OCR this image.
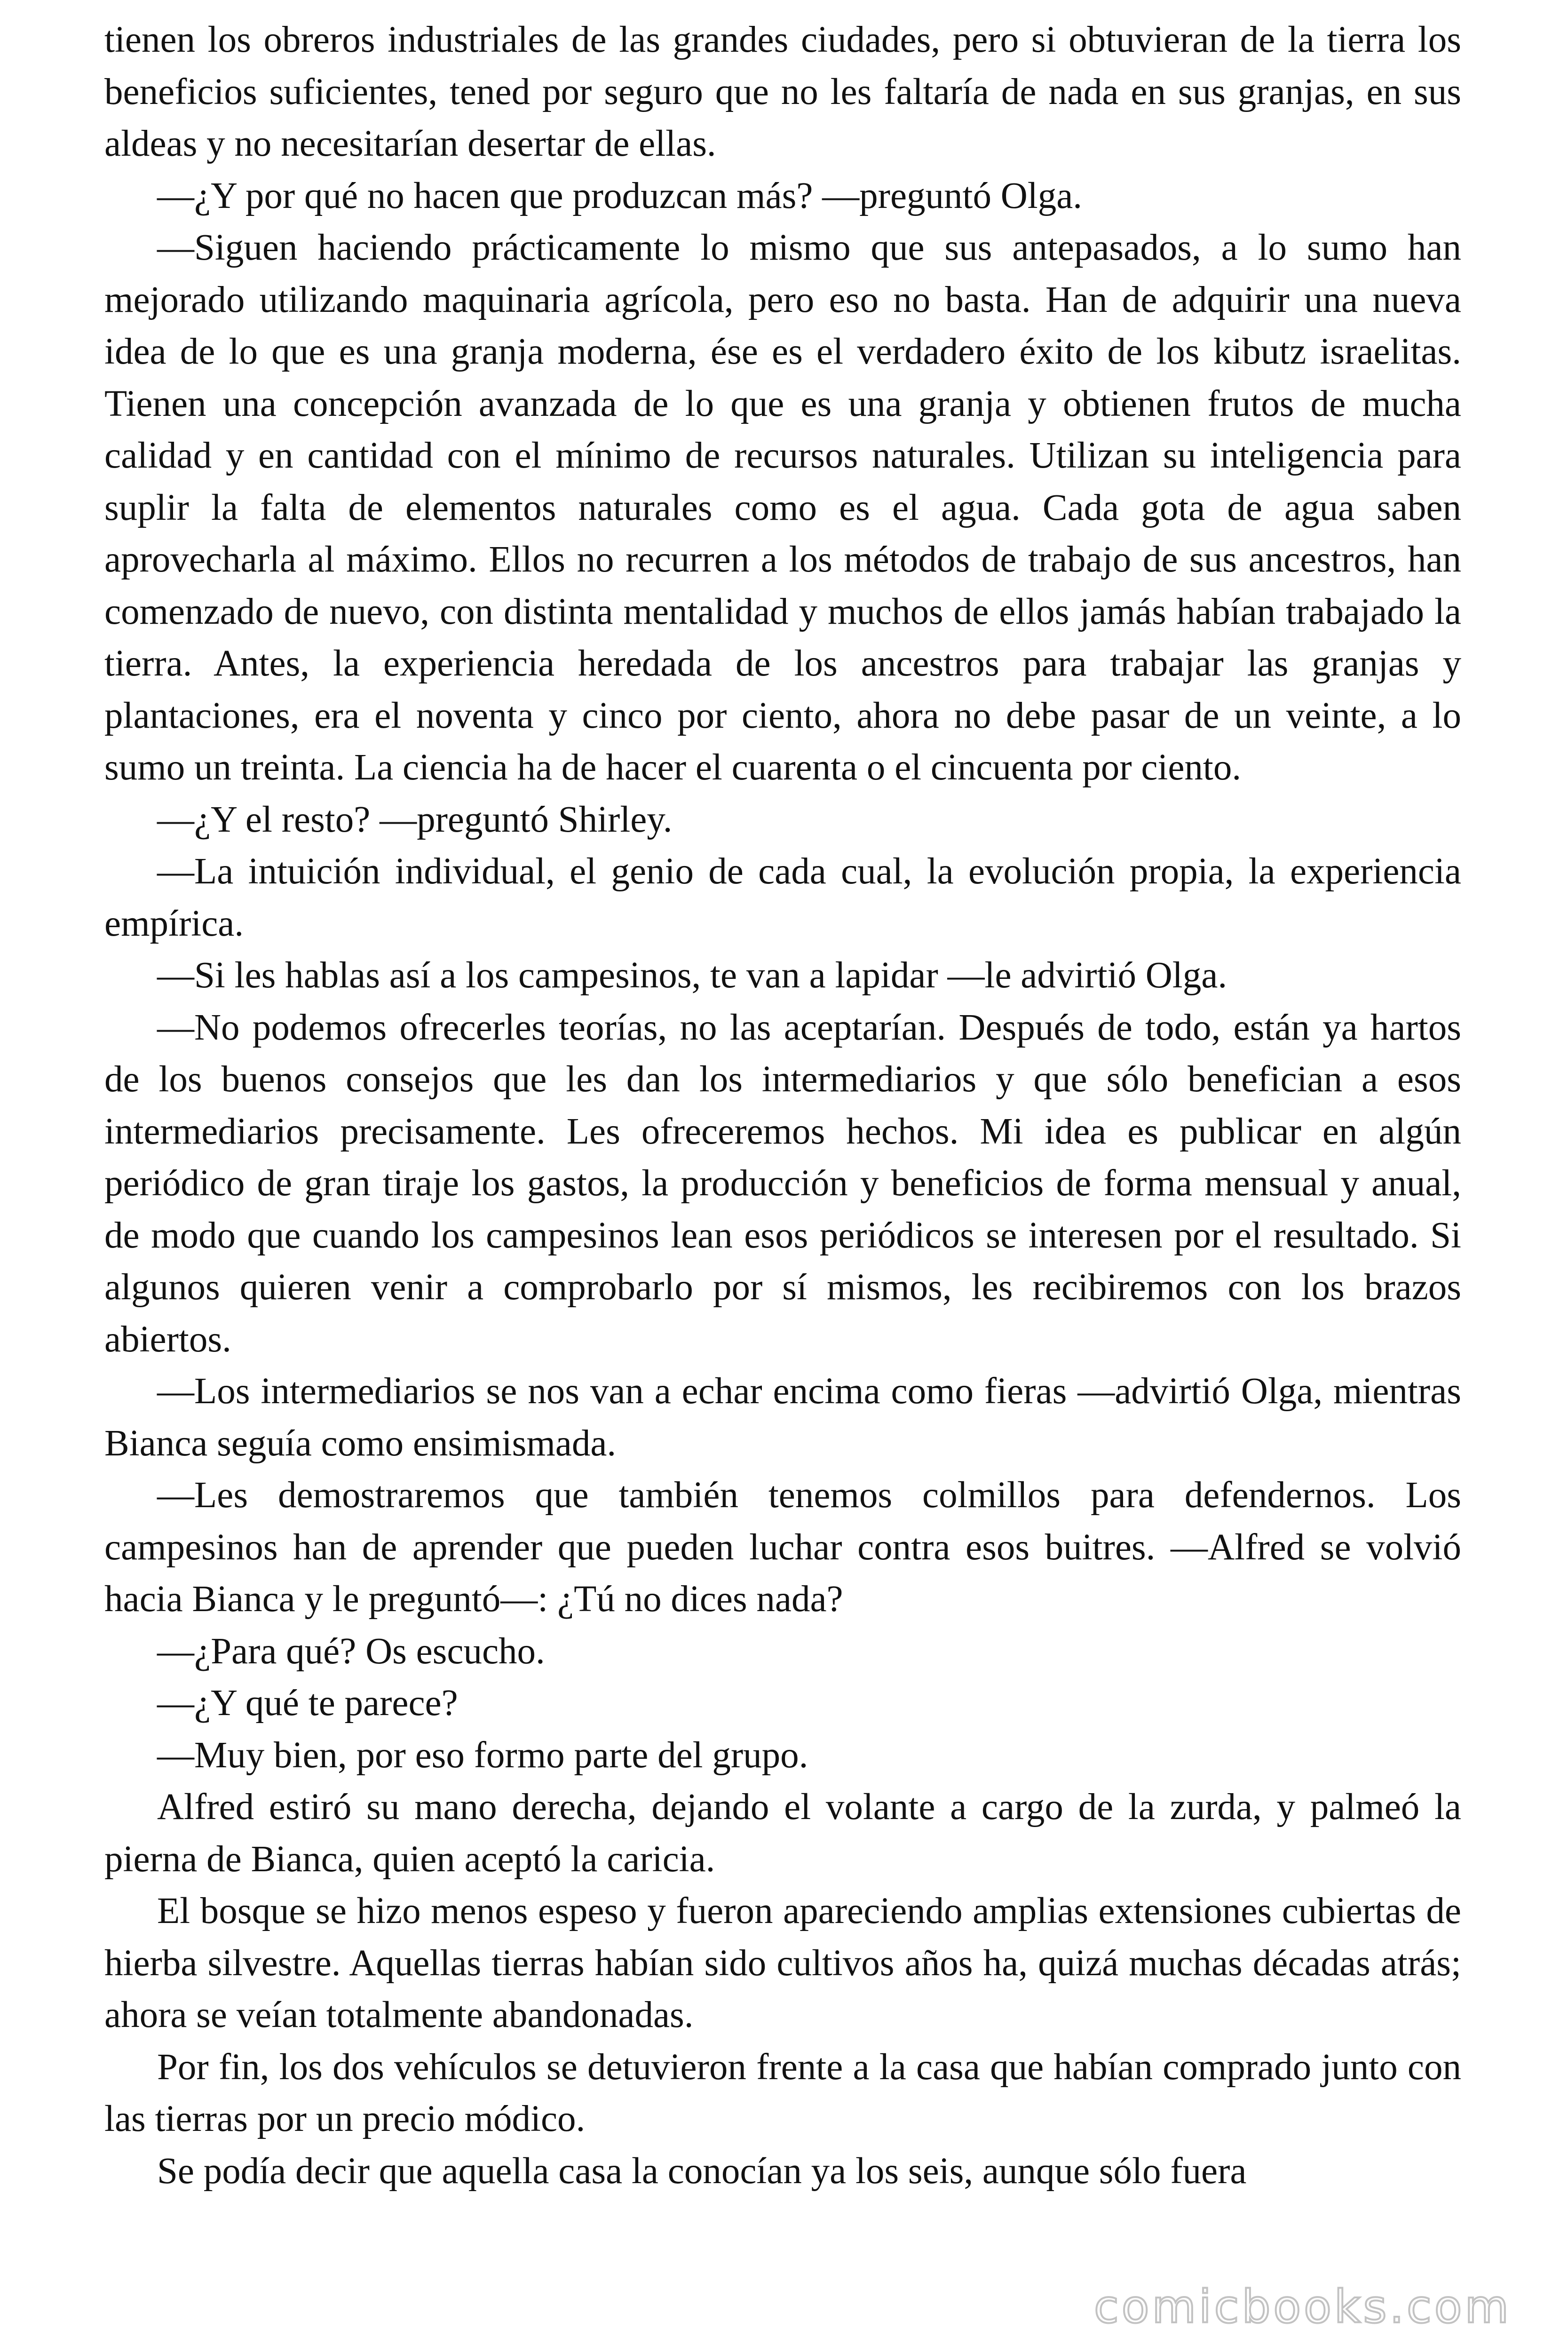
tienen los obreros industriales de las grandes ciudades, pero si obtuvieran de la tierra los beneficios suficientes, tened por seguro que no les faltaría de nada en sus granjas, en sus aldeas y no necesitarían desertar de ellas.

—¿Y por qué no hacen que produzcan más? —preguntó Olga.

—Siguen haciendo prácticamente lo mismo que sus antepasados, a lo sumo han mejorado utilizando maquinaria agrícola, pero eso no basta. Han de adquirir una nueva idea de lo que es una granja moderna, ése es el verdadero éxito de los kibutz israelitas. Tienen una concepción avanzada de lo que es una granja y obtienen frutos de mucha calidad y en cantidad con el mínimo de recursos naturales. Utilizan su inteligencia para suplir la falta de elementos naturales como es el agua. Cada gota de agua saben aprovecharla al máximo. Ellos no recurren a los métodos de trabajo de sus ancestros, han comenzado de nuevo, con distinta mentalidad y muchos de ellos jamás habían trabajado la tierra. Antes, la experiencia heredada de los ancestros para trabajar las granjas y plantaciones, era el noventa y cinco por ciento, ahora no debe pasar de un veinte, a lo sumo un treinta. La ciencia ha de hacer el cuarenta o el cincuenta por ciento.

—¿Y el resto? —preguntó Shirley.

—La intuición individual, el genio de cada cual, la evolución propia, la experiencia empírica.

—Si les hablas así a los campesinos, te van a lapidar —le advirtió Olga.

—No podemos ofrecerles teorías, no las aceptarían. Después de todo, están ya hartos de los buenos consejos que les dan los intermediarios y que sólo benefician a esos intermediarios precisamente. Les ofreceremos hechos. Mi idea es publicar en algún periódico de gran tiraje los gastos, la producción y beneficios de forma mensual y anual, de modo que cuando los campesinos lean esos periódicos se interesen por el resultado. Si algunos quieren venir a comprobarlo por sí mismos, les recibiremos con los brazos abiertos.

—Los intermediarios se nos van a echar encima como fieras —advirtió Olga, mientras Bianca seguía como ensimismada.

—Les demostraremos que también tenemos colmillos para defendernos. Los campesinos han de aprender que pueden luchar contra esos buitres. —Alfred se volvió hacia Bianca y le preguntó—: ¿Tú no dices nada?

—¿Para qué? Os escucho.

—¿Y qué te parece?

—Muy bien, por eso formo parte del grupo.

Alfred estiró su mano derecha, dejando el volante a cargo de la zurda, y palmeó la pierna de Bianca, quien aceptó la caricia.

El bosque se hizo menos espeso y fueron apareciendo amplias extensiones cubiertas de hierba silvestre. Aquellas tierras habían sido cultivos años ha, quizá muchas décadas atrás; ahora se veían totalmente abandonadas.

Por fin, los dos vehículos se detuvieron frente a la casa que habían comprado junto con las tierras por un precio módico.

Se podía decir que aquella casa la conocían ya los seis, aunque sólo fuera

comicbooks.com
